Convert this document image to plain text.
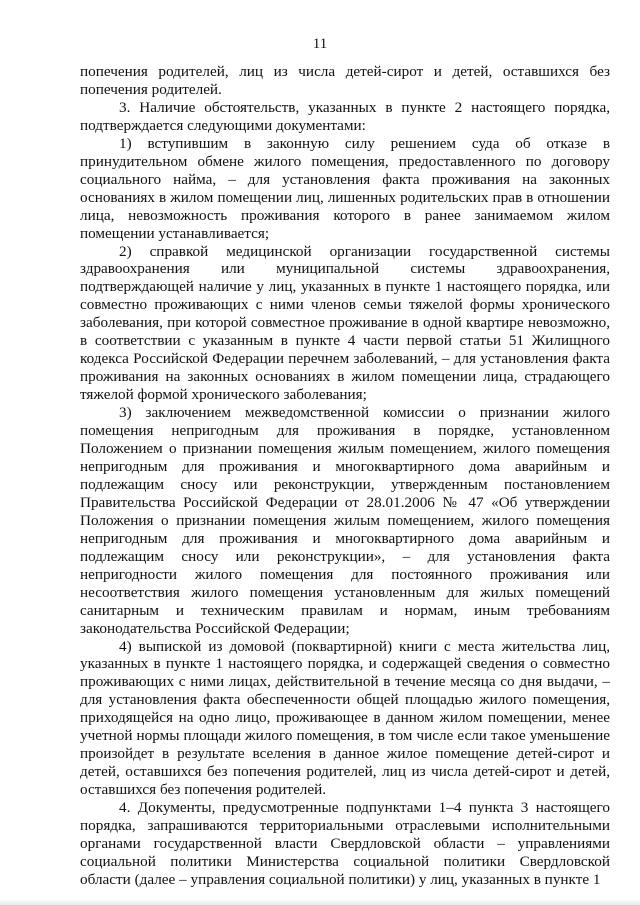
11

попечения родителей, лиц из числа детей-сирот и детей, оставшихся без попечения родителей.

3. Наличие обстоятельств, указанных в пункте 2 настоящего порядка, подтверждается следующими документами:

1) вступившим в законную силу решением суда об отказе в принудительном обмене жилого помещения, предоставленного по договору социального найма, – для установления факта проживания на законных основаниях в жилом помещении лиц, лишенных родительских прав в отношении лица, невозможность проживания которого в ранее занимаемом жилом помещении устанавливается;

2) справкой медицинской организации государственной системы здравоохранения или муниципальной системы здравоохранения, подтверждающей наличие у лиц, указанных в пункте 1 настоящего порядка, или совместно проживающих с ними членов семьи тяжелой формы хронического заболевания, при которой совместное проживание в одной квартире невозможно, в соответствии с указанным в пункте 4 части первой статьи 51 Жилищного кодекса Российской Федерации перечнем заболеваний, – для установления факта проживания на законных основаниях в жилом помещении лица, страдающего тяжелой формой хронического заболевания;

3) заключением межведомственной комиссии о признании жилого помещения непригодным для проживания в порядке, установленном Положением о признании помещения жилым помещением, жилого помещения непригодным для проживания и многоквартирного дома аварийным и подлежащим сносу или реконструкции, утвержденным постановлением Правительства Российской Федерации от 28.01.2006 № 47 «Об утверждении Положения о признании помещения жилым помещением, жилого помещения непригодным для проживания и многоквартирного дома аварийным и подлежащим сносу или реконструкции», – для установления факта непригодности жилого помещения для постоянного проживания или несоответствия жилого помещения установленным для жилых помещений санитарным и техническим правилам и нормам, иным требованиям законодательства Российской Федерации;

4) выпиской из домовой (поквартирной) книги с места жительства лиц, указанных в пункте 1 настоящего порядка, и содержащей сведения о совместно проживающих с ними лицах, действительной в течение месяца со дня выдачи, – для установления факта обеспеченности общей площадью жилого помещения, приходящейся на одно лицо, проживающее в данном жилом помещении, менее учетной нормы площади жилого помещения, в том числе если такое уменьшение произойдет в результате вселения в данное жилое помещение детей-сирот и детей, оставшихся без попечения родителей, лиц из числа детей-сирот и детей, оставшихся без попечения родителей.

4. Документы, предусмотренные подпунктами 1–4 пункта 3 настоящего порядка, запрашиваются территориальными отраслевыми исполнительными органами государственной власти Свердловской области – управлениями социальной политики Министерства социальной политики Свердловской области (далее – управления социальной политики) у лиц, указанных в пункте 1
